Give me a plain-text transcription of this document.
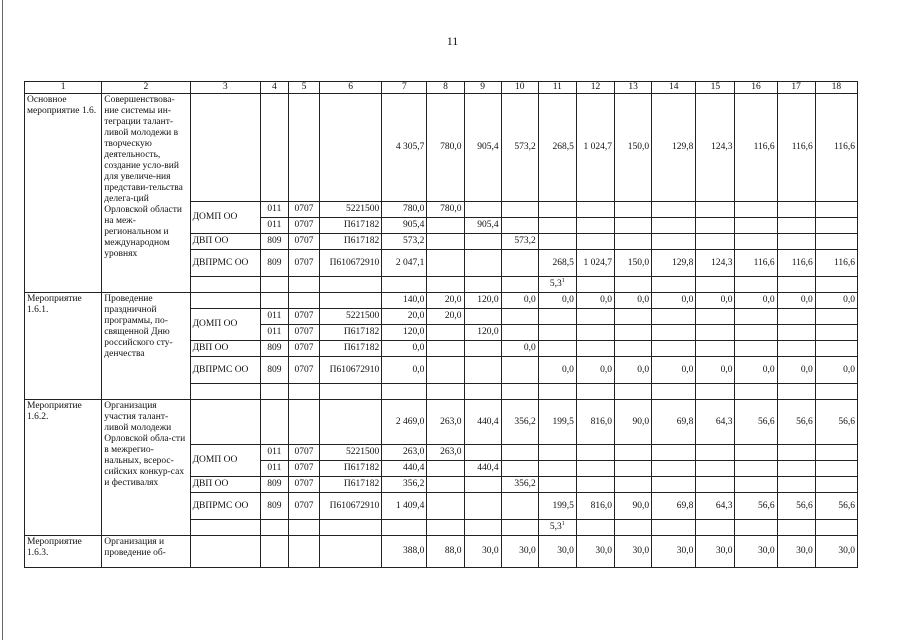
11
1	2	3	4	5	6	7	8	9	10	11	12	13	14	15	16	17	18
Основное мероприятие 1.6.	Совершенствова-ние системы ин-теграции талант-ливой молодежи в творческую деятельность, создание усло-вий для увеличе-ния представи-тельства делега-ций Орловской области на меж-региональном и международном уровнях					4 305,7	780,0	905,4	573,2	268,5	1 024,7	150,0	129,8	124,3	116,6	116,6	116,6
		ДОМП ОО	011	0707	5221500	780,0	780,0										
			011	0707	П617182	905,4		905,4									
		ДВП ОО	809	0707	П617182	573,2			573,2								
		ДВПРМС ОО	809	0707	П610672910	2 047,1				268,5	1 024,7	150,0	129,8	124,3	116,6	116,6	116,6
										$5,3^1$							
Мероприятие 1.6.1.	Проведение праздничной программы, по-священной Дню российского сту-денчества					140,0	20,0	120,0	0,0	0,0	0,0	0,0	0,0	0,0	0,0	0,0	0,0
		ДОМП ОО	011	0707	5221500	20,0	20,0										
			011	0707	П617182	120,0		120,0									
		ДВП ОО	809	0707	П617182	0,0			0,0								
		ДВПРМС ОО	809	0707	П610672910	0,0				0,0	0,0	0,0	0,0	0,0	0,0	0,0	0,0

Мероприятие 1.6.2.	Организация участия талант-ливой молодежи Орловской обла-сти в межрегио-нальных, всерос-сийских конкур-сах и фестивалях					2 469,0	263,0	440,4	356,2	199,5	816,0	90,0	69,8	64,3	56,6	56,6	56,6
		ДОМП ОО	011	0707	5221500	263,0	263,0										
			011	0707	П617182	440,4		440,4									
		ДВП ОО	809	0707	П617182	356,2			356,2								
		ДВПРМС ОО	809	0707	П610672910	1 409,4				199,5	816,0	90,0	69,8	64,3	56,6	56,6	56,6
										$5,3^1$							
Мероприятие 1.6.3.	Организация и проведение об-					388,0	88,0	30,0	30,0	30,0	30,0	30,0	30,0	30,0	30,0	30,0	30,0
